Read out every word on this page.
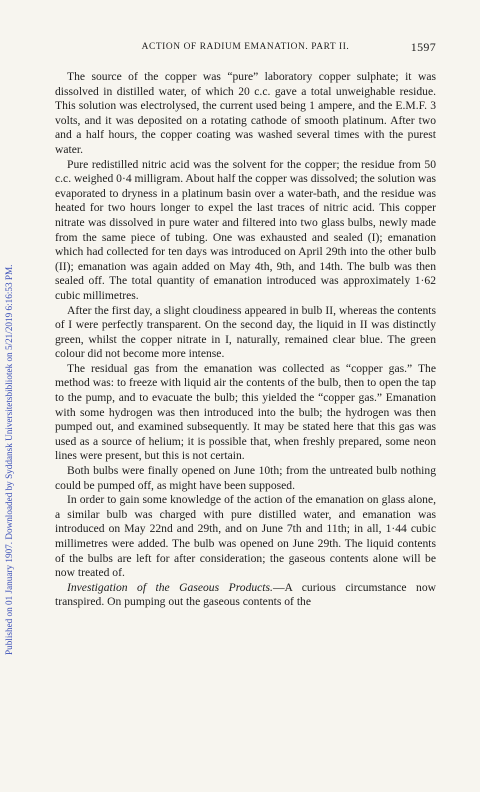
Published on 01 January 1907. Downloaded by Syddansk Universitetsbibliotek on 5/21/2019 6:16:53 PM.
ACTION OF RADIUM EMANATION. PART II.	1597

The source of the copper was “pure” laboratory copper sulphate; it was dissolved in distilled water, of which 20 c.c. gave a total unweighable residue. This solution was electrolysed, the current used being 1 ampere, and the E.M.F. 3 volts, and it was deposited on a rotating cathode of smooth platinum. After two and a half hours, the copper coating was washed several times with the purest water.

Pure redistilled nitric acid was the solvent for the copper; the residue from 50 c.c. weighed 0·4 milligram. About half the copper was dissolved; the solution was evaporated to dryness in a platinum basin over a water-bath, and the residue was heated for two hours longer to expel the last traces of nitric acid. This copper nitrate was dissolved in pure water and filtered into two glass bulbs, newly made from the same piece of tubing. One was exhausted and sealed (I); emanation which had collected for ten days was introduced on April 29th into the other bulb (II); emanation was again added on May 4th, 9th, and 14th. The bulb was then sealed off. The total quantity of emanation introduced was approximately 1·62 cubic millimetres.

After the first day, a slight cloudiness appeared in bulb II, whereas the contents of I were perfectly transparent. On the second day, the liquid in II was distinctly green, whilst the copper nitrate in I, naturally, remained clear blue. The green colour did not become more intense.

The residual gas from the emanation was collected as “copper gas.” The method was: to freeze with liquid air the contents of the bulb, then to open the tap to the pump, and to evacuate the bulb; this yielded the “copper gas.” Emanation with some hydrogen was then introduced into the bulb; the hydrogen was then pumped out, and examined subsequently. It may be stated here that this gas was used as a source of helium; it is possible that, when freshly prepared, some neon lines were present, but this is not certain.

Both bulbs were finally opened on June 10th; from the untreated bulb nothing could be pumped off, as might have been supposed.

In order to gain some knowledge of the action of the emanation on glass alone, a similar bulb was charged with pure distilled water, and emanation was introduced on May 22nd and 29th, and on June 7th and 11th; in all, 1·44 cubic millimetres were added. The bulb was opened on June 29th. The liquid contents of the bulbs are left for after consideration; the gaseous contents alone will be now treated of.

Investigation of the Gaseous Products.—A curious circumstance now transpired. On pumping out the gaseous contents of the
